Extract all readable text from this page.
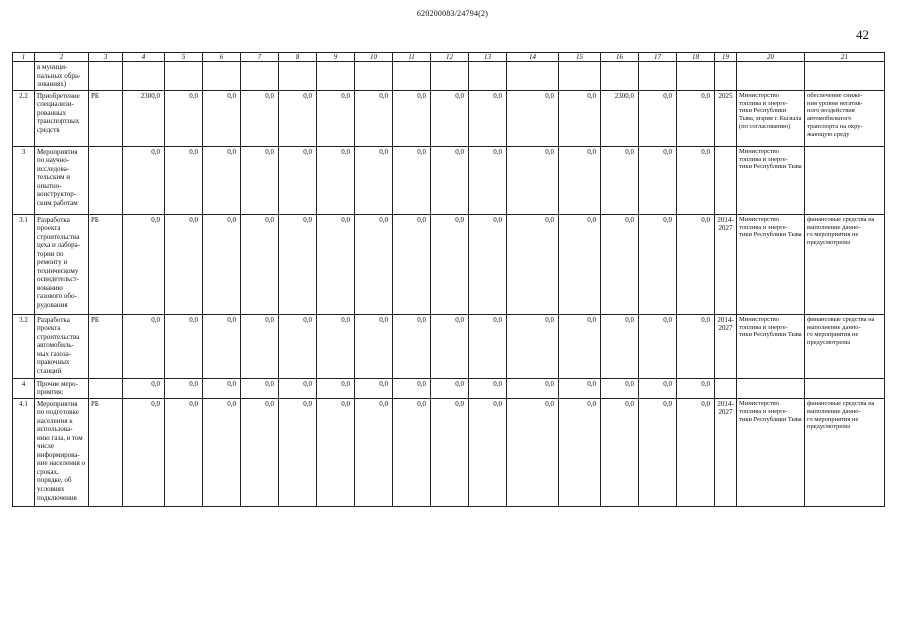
620200083/24794(2)
42
1	2	3	4	5	6	7	8	9	10	11	12	13	14	15	16	17	18	19	20	21
	в муници-
пальных обра-
зованиях)																			
2.2	Приобретение специализи-
рованных транспортных средств	РБ	2300,0	0,0	0,0	0,0	0,0	0,0	0,0	0,0	0,0	0,0	0,0	0,0	2300,0	0,0	0,0	2025	Министерство топлива и энерге-
тики Республики Тыва, мэрия г. Кызыла (по согласованию)	обеспечение сниже-
ния уровня негатив-
ного воздействия автомобильного транспорта на окру-
жающую среду
3	Мероприятия по научно-
исследова-
тельским и опытно-
конструктор-
ским работам		0,0	0,0	0,0	0,0	0,0	0,0	0,0	0,0	0,0	0,0	0,0	0,0	0,0	0,0	0,0		Министерство топлива и энерге-
тики Республики Тыва	
3.1	Разработка проекта строительства цеха и лабора-
тории по ремонту и техническому освидетельст-
вованию газового обо-
рудования	РБ	0,0	0,0	0,0	0,0	0,0	0,0	0,0	0,0	0,0	0,0	0,0	0,0	0,0	0,0	0,0	2014-
2027	Министерство топлива и энерге-
тики Республики Тыва	финансовые средства на выполнение данно-
го мероприятия не предусмотрены
3.2	Разработка проекта строительства автомобиль-
ных газоза-
правочных станций	РБ	0,0	0,0	0,0	0,0	0,0	0,0	0,0	0,0	0,0	0,0	0,0	0,0	0,0	0,0	0,0	2014-
2027	Министерство топлива и энерге-
тики Республики Тыва	финансовые средства на выполнение данно-
го мероприятия не предусмотрены
4	Прочие меро-
приятия:		0,0	0,0	0,0	0,0	0,0	0,0	0,0	0,0	0,0	0,0	0,0	0,0	0,0	0,0	0,0			
4.1	Мероприятия по подготовке населения к использова-
нию газа, в том числе информирова-
ние населения о сроках, порядке, об условиях подключения	РБ	0,0	0,0	0,0	0,0	0,0	0,0	0,0	0,0	0,0	0,0	0,0	0,0	0,0	0,0	0,0	2014-
2027	Министерство топлива и энерге-
тики Республики Тыва	финансовые средства на выполнение данно-
го мероприятия не предусмотрены
